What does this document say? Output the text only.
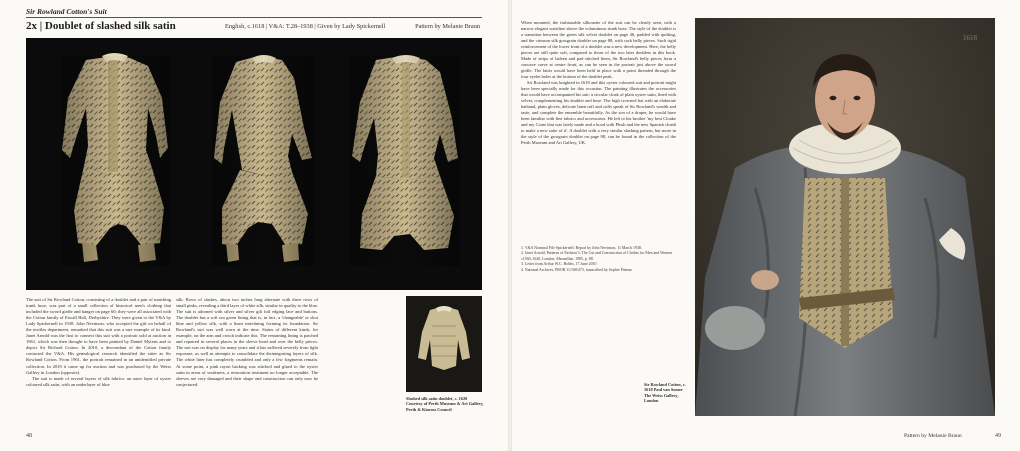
Sir Rowland Cotton's Suit
2x | Doublet of slashed silk satin	English, c.1618 | V&A: T.28–1938 | Given by Lady Spickernell	Pattern by Melanie Braun

The suit of Sir Rowland Cotton, consisting of a doublet and a pair of matching trunk hose, was part of a small collection of historical men's clothing that included the sword girdle and hanger on page 60; they were all associated with the Cotton family of Etwall Hall, Derbyshire. They were given to the V&A by Lady Spickernell in 1938. John Nevinson, who accepted the gift on behalf of the textiles department, remarked that this suit was a rare example of its kind. Janet Arnold was the first to connect this suit with a portrait sold at auction in 1961, which was then thought to have been painted by Daniel Mytens and to depict Sir Richard Cotton. In 2010, a descendant of the Cotton family contacted the V&A. His genealogical research identified the sitter as Sir Rowland Cotton. From 1961, the portrait remained in an unidentified private collection. In 2019 it came up for auction and was purchased by the Weiss Gallery in London (opposite).

The suit is made of several layers of silk fabrics: an outer layer of oyster coloured silk satin, with an underlayer of blue

silk. Rows of slashes, about two inches long alternate with three rows of small pinks, revealing a third layer of white silk, similar in quality to the blue. The suit is adorned with silver and silver gilt foil edging lace and buttons. The doublet has a soft sea green lining that is, in fact, a 'changeable' or shot blue and yellow silk, with a linen interlining forming its foundation. Sir Rowland's suit was well worn at the time. Stains of different kinds, for example, on the arm and crotch indicate this. The remaining lining is patched and repaired in several places in the sleeve head and over the belly pieces. The suit was on display for many years and it has suffered severely from light exposure, as well as attempts to consolidate the disintegrating layers of silk. The white liner has completely crumbled and only a few fragments remain. At some point, a pink rayon backing was stitched and glued to the oyster satin in areas of weakness, a restoration treatment no longer acceptable. The sleeves are very damaged and their shape and construction can only now be conjectured.

Slashed silk satin doublet, c. 1620 Courtesy of Perth Museum & Art Gallery, Perth & Kinross Council
48

When mounted, the fashionable silhouette of the suit can be clearly seen, with a narrow elegant waistline above the voluminous trunk hose. The style of the doublet is a transition between the green silk velvet doublet on page 46, padded with quilting, and the crimson silk grosgrain doublet on page 88, with cork belly pieces. Such rigid reinforcement of the lower front of a doublet was a new development. Here, the belly pieces are still quite soft, compared to those of the two later doublets in this book. Made of strips of baleen and pad stitched linen, Sir Rowland's belly pieces form a concave curve at centre front, as can be seen in the portrait just above the sword girdle. The latter would have been held in place with a point threaded through the four eyelet holes at the bottom of the doublet peak.

Sir Rowland was knighted in 1618 and this oyster coloured suit and portrait might have been specially made for this occasion. The painting illustrates the accessories that would have accompanied his suit: a circular cloak of plain oyster satin, lined with velvet, complementing his doublet and hose. The high crowned hat with an elaborate hatband, plain gloves, delicate linen ruff and cuffs speak of Sir Rowland's wealth and taste, and complete the ensemble beautifully. As the son of a draper, he would have been familiar with fine fabrics and accessories. He left to his brother 'my best Cloake and my Coate that was lately made and a hood with Plush and the new Spanish cloath to make a new suite of it'. A doublet with a very similar slashing pattern, but more in the style of the grosgrain doublet on page 88, can be found in the collection of the Perth Museum and Art Gallery, UK.

1. V&A Nominal File Spickernell: Report by John Nevinson, 11 March 1938.

2. Janet Arnold, Patterns of Fashion 3: The Cut and Construction of Clothes for Men and Women c1560–1620, London: Macmillan, 1985, p. 88.

3. Letter from Arthur W.C. Hobbs, 17 June 2010

4. National Archives, PROB 11/168/473, transcribed by Sophie Pitman

Sir Rowland Cotton, c. 1618 Paul van Somer The Weiss Gallery, London
1618
Pattern by Melanie Braun	49
